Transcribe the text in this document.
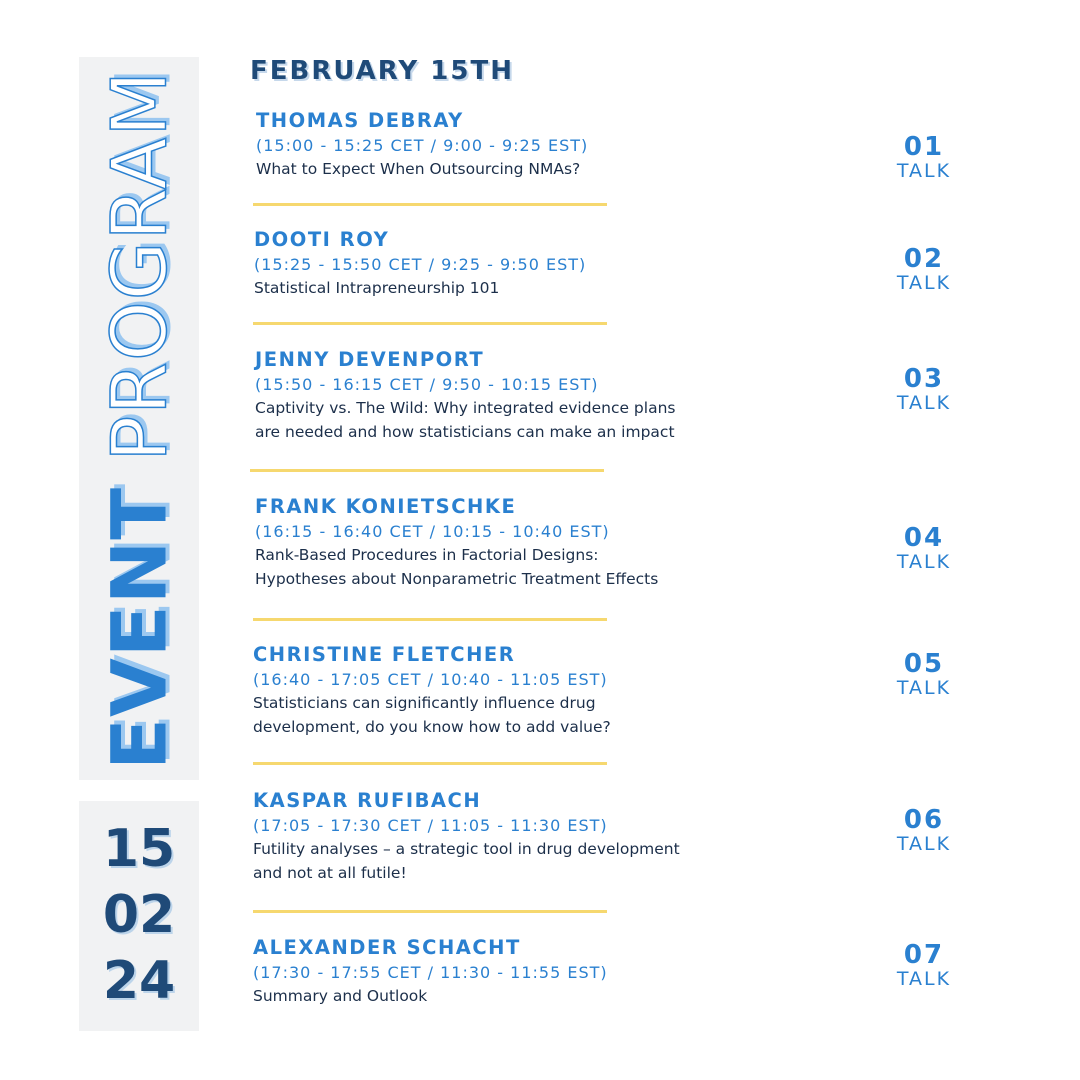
EVENT PROGRAM
15
02
24
FEBRUARY 15TH
THOMAS DEBRAY
(15:00 - 15:25 CET / 9:00 - 9:25 EST)
What to Expect When Outsourcing NMAs?
01
TALK
DOOTI ROY
(15:25 - 15:50 CET / 9:25 - 9:50 EST)
Statistical Intrapreneurship 101
02
TALK
JENNY DEVENPORT
(15:50 - 16:15 CET / 9:50 - 10:15 EST)
Captivity vs. The Wild: Why integrated evidence plans
are needed and how statisticians can make an impact
03
TALK
FRANK KONIETSCHKE
(16:15 - 16:40 CET / 10:15 - 10:40 EST)
Rank-Based Procedures in Factorial Designs:
Hypotheses about Nonparametric Treatment Effects
04
TALK
CHRISTINE FLETCHER
(16:40 - 17:05 CET / 10:40 - 11:05 EST)
Statisticians can significantly influence drug
development, do you know how to add value?
05
TALK
KASPAR RUFIBACH
(17:05 - 17:30 CET / 11:05 - 11:30 EST)
Futility analyses – a strategic tool in drug development
and not at all futile!
06
TALK
ALEXANDER SCHACHT
(17:30 - 17:55 CET / 11:30 - 11:55 EST)
Summary and Outlook
07
TALK
